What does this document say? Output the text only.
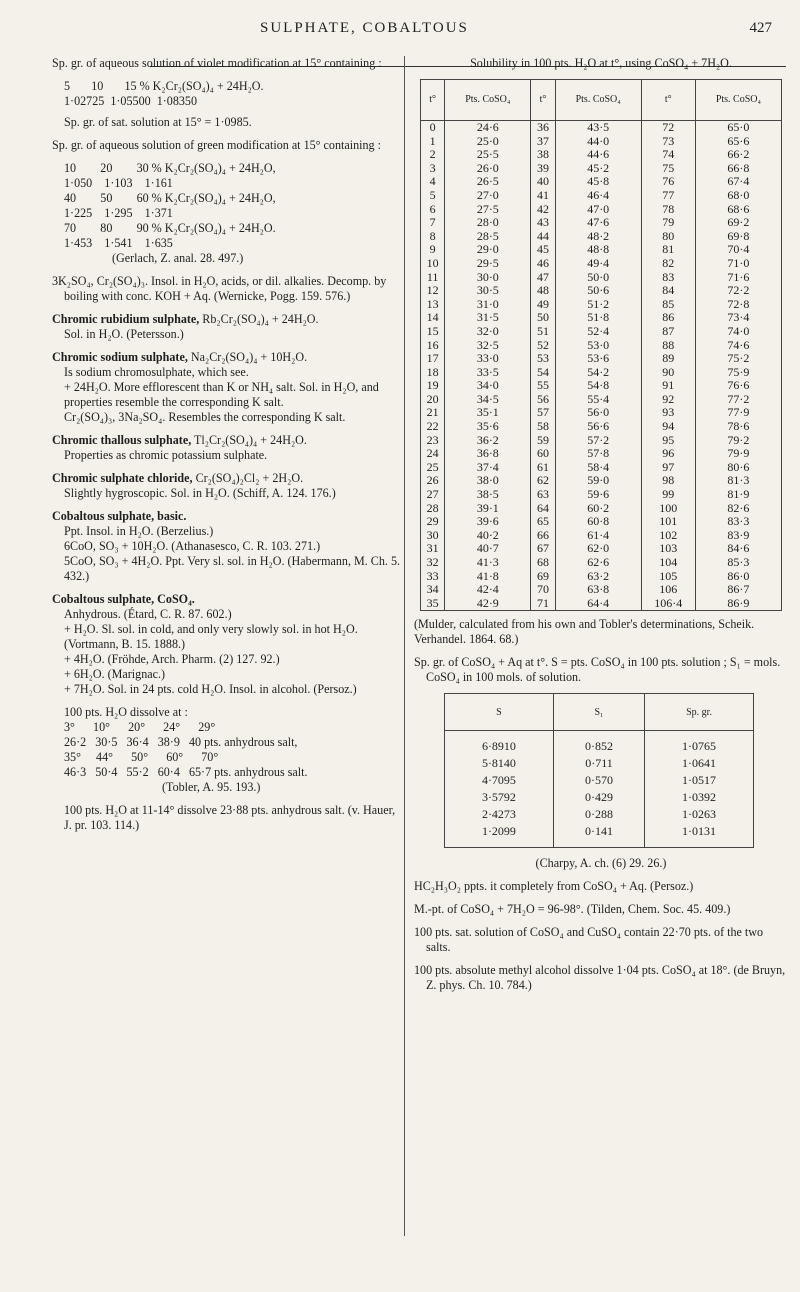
SULPHATE, COBALTOUS	427

Sp. gr. of aqueous solution of violet modification at 15° containing :

5       10       15 % K₂Cr₂(SO₄)₄ + 24H₂O.
1·02725  1·05500  1·08350

Sp. gr. of sat. solution at 15° = 1·0985.

Sp. gr. of aqueous solution of green modification at 15° containing :

10        20        30 % K₂Cr₂(SO₄)₄ + 24H₂O,
1·050    1·103    1·161
40        50        60 % K₂Cr₂(SO₄)₄ + 24H₂O,
1·225    1·295    1·371
70        80        90 % K₂Cr₂(SO₄)₄ + 24H₂O.
1·453    1·541    1·635

(Gerlach, Z. anal. 28. 497.)

3K₂SO₄, Cr₂(SO₄)₃. Insol. in H₂O, acids, or dil. alkalies. Decomp. by boiling with conc. KOH + Aq. (Wernicke, Pogg. 159. 576.)

Chromic rubidium sulphate, Rb₂Cr₂(SO₄)₄ + 24H₂O.

Sol. in H₂O. (Petersson.)

Chromic sodium sulphate, Na₂Cr₂(SO₄)₄ + 10H₂O.
Is sodium chromosulphate, which see.
+ 24H₂O. More efflorescent than K or NH₄ salt. Sol. in H₂O, and properties resemble the corresponding K salt.

Cr₂(SO₄)₃, 3Na₂SO₄. Resembles the corresponding K salt.

Chromic thallous sulphate, Tl₂Cr₂(SO₄)₄ + 24H₂O.

Properties as chromic potassium sulphate.

Chromic sulphate chloride, Cr₂(SO₄)₂Cl₂ + 2H₂O.

Slightly hygroscopic. Sol. in H₂O. (Schiff, A. 124. 176.)

Cobaltous sulphate, basic.
Ppt. Insol. in H₂O. (Berzelius.)
6CoO, SO₃ + 10H₂O. (Athanasesco, C. R. 103. 271.)

5CoO, SO₃ + 4H₂O. Ppt. Very sl. sol. in H₂O. (Habermann, M. Ch. 5. 432.)

Cobaltous sulphate, CoSO₄.
Anhydrous. (Étard, C. R. 87. 602.)
+ H₂O. Sl. sol. in cold, and only very slowly sol. in hot H₂O. (Vortmann, B. 15. 1888.)
+ 4H₂O. (Fröhde, Arch. Pharm. (2) 127. 92.)
+ 6H₂O. (Marignac.)

+ 7H₂O. Sol. in 24 pts. cold H₂O. Insol. in alcohol. (Persoz.)

100 pts. H₂O dissolve at :
3°      10°      20°      24°      29°
26·2   30·5   36·4   38·9   40 pts. anhydrous salt,
35°     44°      50°      60°      70°
46·3   50·4   55·2   60·4   65·7 pts. anhydrous salt.

(Tobler, A. 95. 193.)

100 pts. H₂O at 11-14° dissolve 23·88 pts. anhydrous salt. (v. Hauer, J. pr. 103. 114.)

Solubility in 100 pts. H₂O at t°, using CoSO₄ + 7H₂O.

t°	Pts. CoSO₄	t°	Pts. CoSO₄	t°	Pts. CoSO₄
0	24·6	36	43·5	72	65·0
1	25·0	37	44·0	73	65·6
2	25·5	38	44·6	74	66·2
3	26·0	39	45·2	75	66·8
4	26·5	40	45·8	76	67·4
5	27·0	41	46·4	77	68·0
6	27·5	42	47·0	78	68·6
7	28·0	43	47·6	79	69·2
8	28·5	44	48·2	80	69·8
9	29·0	45	48·8	81	70·4
10	29·5	46	49·4	82	71·0
11	30·0	47	50·0	83	71·6
12	30·5	48	50·6	84	72·2
13	31·0	49	51·2	85	72·8
14	31·5	50	51·8	86	73·4
15	32·0	51	52·4	87	74·0
16	32·5	52	53·0	88	74·6
17	33·0	53	53·6	89	75·2
18	33·5	54	54·2	90	75·9
19	34·0	55	54·8	91	76·6
20	34·5	56	55·4	92	77·2
21	35·1	57	56·0	93	77·9
22	35·6	58	56·6	94	78·6
23	36·2	59	57·2	95	79·2
24	36·8	60	57·8	96	79·9
25	37·4	61	58·4	97	80·6
26	38·0	62	59·0	98	81·3
27	38·5	63	59·6	99	81·9
28	39·1	64	60·2	100	82·6
29	39·6	65	60·8	101	83·3
30	40·2	66	61·4	102	83·9
31	40·7	67	62·0	103	84·6
32	41·3	68	62·6	104	85·3
33	41·8	69	63·2	105	86·0
34	42·4	70	63·8	106	86·7
35	42·9	71	64·4	106·4	86·9

(Mulder, calculated from his own and Tobler's determinations, Scheik. Verhandel. 1864. 68.)

Sp. gr. of CoSO₄ + Aq at t°. S = pts. CoSO₄ in 100 pts. solution ; S₁ = mols. CoSO₄ in 100 mols. of solution.

S	S₁	Sp. gr.
6·8910	0·852	1·0765
5·8140	0·711	1·0641
4·7095	0·570	1·0517
3·5792	0·429	1·0392
2·4273	0·288	1·0263
1·2099	0·141	1·0131

(Charpy, A. ch. (6) 29. 26.)

HC₂H₃O₂ ppts. it completely from CoSO₄ + Aq. (Persoz.)

M.-pt. of CoSO₄ + 7H₂O = 96-98°. (Tilden, Chem. Soc. 45. 409.)

100 pts. sat. solution of CoSO₄ and CuSO₄ contain 22·70 pts. of the two salts.

100 pts. absolute methyl alcohol dissolve 1·04 pts. CoSO₄ at 18°. (de Bruyn, Z. phys. Ch. 10. 784.)
